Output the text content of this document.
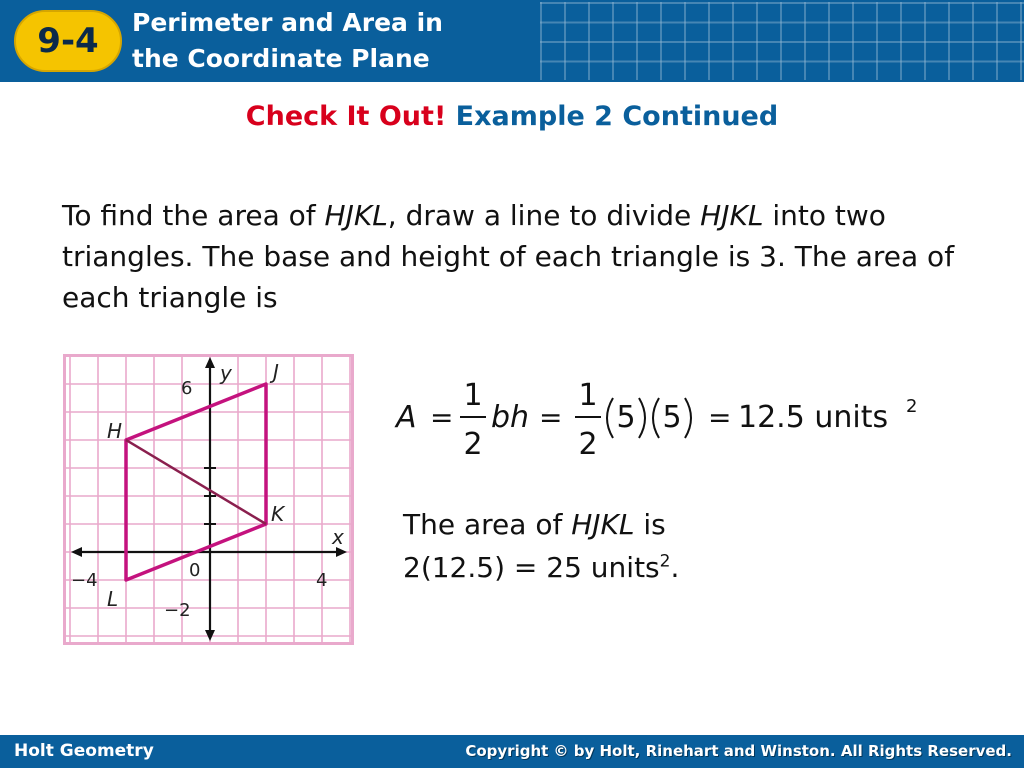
9-4	Perimeter and Area in
the Coordinate Plane
Check It Out! Example 2 Continued
To find the area of HJKL, draw a line to divide HJKL into two triangles. The base and height of each triangle is 3. The area of each triangle is
y
x
J
H
K
L
6
0
−4	4
−2
A =
1
2
bh =
1
2
5 5 = 12.5 units 2
The area of HJKL is
2(12.5) = 25 units$^2$.
Holt Geometry	Copyright © by Holt, Rinehart and Winston. All Rights Reserved.
